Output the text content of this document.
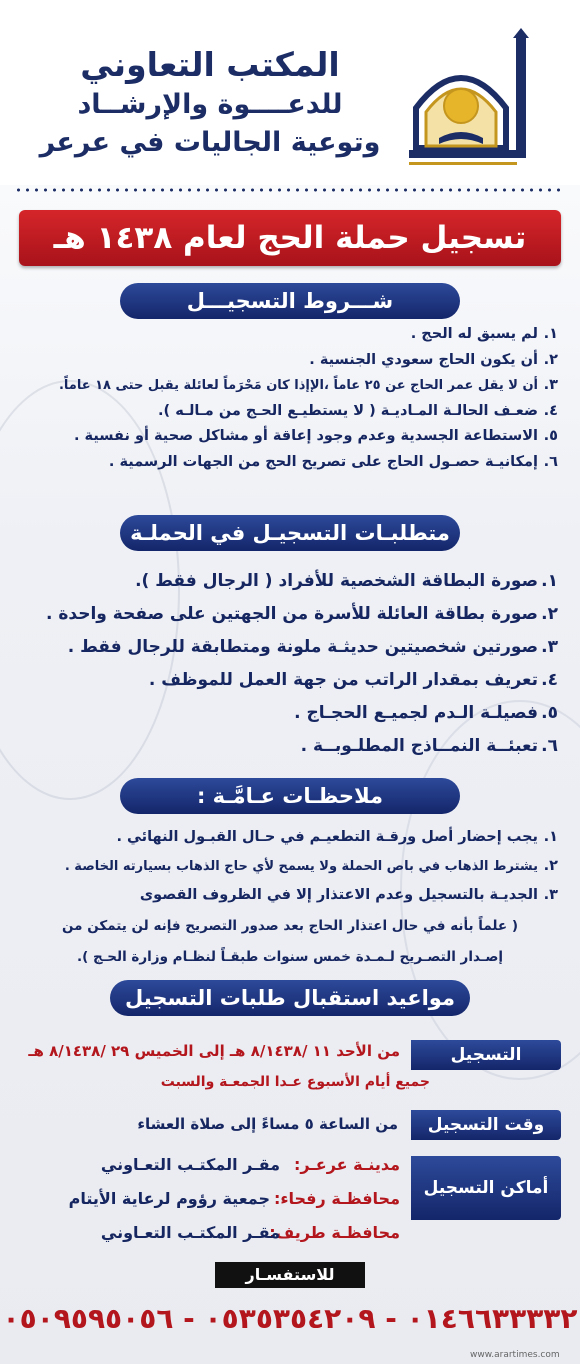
المكتب التعاوني
للدعــــوة والإرشــاد
وتوعية الجاليات في عرعر
تسجيل حملة الحج لعام ١٤٣٨ هـ
شـــروط التسجيـــل
١.
لم يسبق له الحج .
٢.
أن يكون الحاج سعودي الجنسية .
٣.
أن لا يقل عمر الحاج عن ٢٥ عاماً ،الإإذا كان مَحْرَماً لعائلة يقبل حتى ١٨ عاماً.
٤.
ضعـف الحالـة المـاديـة ( لا يستطيـع الحـج من مـالـه ).
٥.
الاستطاعة الجسدية وعدم وجود إعاقة أو مشاكل صحية أو نفسية .
٦.
إمكانيـة حصـول الحاج على تصريح الحج من الجهات الرسمية .
متطلبـات التسجيـل في الحملـة
١.
صورة البطاقة الشخصية للأفراد ( الرجال فقط ).
٢.
صورة بطاقة العائلة للأسرة من الجهتين على صفحة واحدة .
٣.
صورتين شخصيتين حديثـة ملونة ومتطابقة للرجال فقط .
٤.
تعريف بمقدار الراتب من جهة العمل للموظف .
٥.
فصيلـة الـدم لجميـع الحجـاج .
٦.
تعبئــة النمــاذج المطلـوبــة .
ملاحظـات عـامَّـة :
١.
يجب إحضار أصل ورقـة التطعيـم في حـال القبـول النهائي .
٢.
يشترط الذهاب في باص الحملة ولا يسمح لأي حاج الذهاب بسيارته الخاصة .
٣.
الجديـة بالتسجيل وعدم الاعتذار إلا في الظروف القصوى
( علماً بأنه في حال اعتذار الحاج بعد صدور التصريح فإنه لن يتمكن من
إصـدار التصـريح لـمـدة خمس سنوات طبقـاً لنظـام وزارة الحـج ).
مواعيد استقبال طلبات التسجيل
التسجيل
من الأحد ١١ /٨/١٤٣٨ هـ إلى الخميس ٢٩ /٨/١٤٣٨ هـ
جميع أيام الأسبوع عـدا الجمعـة والسبت
وقت التسجيل
من الساعة ٥ مساءً إلى صلاة العشاء
أماكن التسجيل
مدينـة عرعـر:
مقـر المكتـب التعـاوني
محافظـة رفحاء:
جمعية رؤوم لرعاية الأيتام
محافظـة طريف:
مقـر المكتـب التعـاوني
للاستفسـار
٠١٤٦٦٣٣٣٣٢ - ٠٥٣٥٣٥٤٢٠٩ - ٠٥٠٩٥٩٥٠٥٦
www.arartimes.com
